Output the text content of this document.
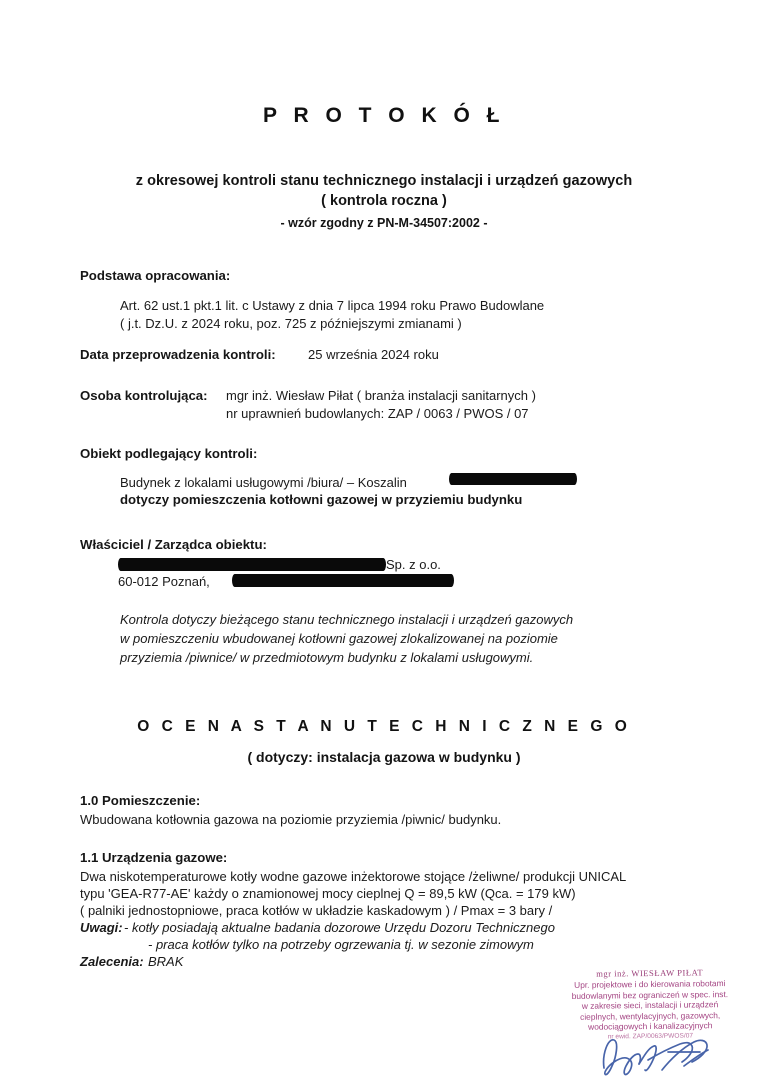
P R O T O K Ó Ł
z okresowej kontroli stanu technicznego instalacji i urządzeń gazowych
( kontrola roczna )
- wzór zgodny z PN-M-34507:2002 -
Podstawa opracowania:
Art. 62 ust.1 pkt.1 lit. c Ustawy z dnia 7 lipca 1994 roku Prawo Budowlane
( j.t. Dz.U. z 2024 roku, poz. 725 z późniejszymi zmianami )
Data przeprowadzenia kontroli: 25 września 2024 roku
Osoba kontrolująca: mgr inż. Wiesław Piłat ( branża instalacji sanitarnych )
nr uprawnień budowlanych: ZAP / 0063 / PWOS / 07
Obiekt podlegający kontroli:
Budynek z lokalami usługowymi /biura/ – Koszalin
dotyczy pomieszczenia kotłowni gazowej w przyziemiu budynku
Właściciel / Zarządca obiektu:
Sp. z o.o.
60-012 Poznań,
Kontrola dotyczy bieżącego stanu technicznego instalacji i urządzeń gazowych
w pomieszczeniu wbudowanej kotłowni gazowej zlokalizowanej na poziomie
przyziemia /piwnice/ w przedmiotowym budynku z lokalami usługowymi.
O C E N A S T A N U T E C H N I C Z N E G O
( dotyczy: instalacja gazowa w budynku )
1.0 Pomieszczenie:
Wbudowana kotłownia gazowa na poziomie przyziemia /piwnic/ budynku.
1.1 Urządzenia gazowe:
Dwa niskotemperaturowe kotły wodne gazowe inżektorowe stojące /żeliwne/ produkcji UNICAL
typu 'GEA-R77-AE' każdy o znamionowej mocy cieplnej Q = 89,5 kW (Qca. = 179 kW)
( palniki jednostopniowe, praca kotłów w układzie kaskadowym ) / Pmax = 3 bary /
Uwagi: - kotły posiadają aktualne badania dozorowe Urzędu Dozoru Technicznego
- praca kotłów tylko na potrzeby ogrzewania tj. w sezonie zimowym
Zalecenia: BRAK
mgr inż. WIESŁAW PIŁAT
Upr. projektowe i do kierowania robotami
budowlanymi bez ograniczeń w spec. inst.
w zakresie sieci, instalacji i urządzeń
cieplnych, wentylacyjnych, gazowych,
wodociągowych i kanalizacyjnych
nr ewid. ZAP/0063/PWOS/07
